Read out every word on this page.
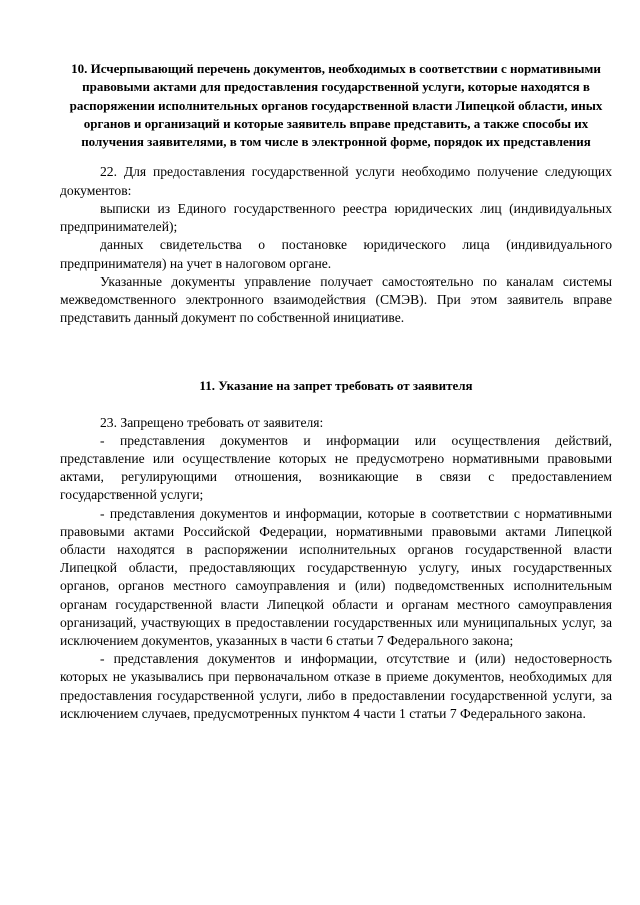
10. Исчерпывающий перечень документов, необходимых в соответствии с нормативными правовыми актами для предоставления государственной услуги, которые находятся в распоряжении исполнительных органов государственной власти Липецкой области, иных органов и организаций и которые заявитель вправе представить, а также способы их получения заявителями, в том числе в электронной форме, порядок их представления

22. Для предоставления государственной услуги необходимо получение следующих документов:

выписки из Единого государственного реестра юридических лиц (индивидуальных предпринимателей);

данных свидетельства о постановке юридического лица (индивидуального предпринимателя) на учет в налоговом органе.

Указанные документы управление получает самостоятельно по каналам системы межведомственного электронного взаимодействия (СМЭВ). При этом заявитель вправе представить данный документ по собственной инициативе.

11. Указание на запрет требовать от заявителя

23. Запрещено требовать от заявителя:

- представления документов и информации или осуществления действий, представление или осуществление которых не предусмотрено нормативными правовыми актами, регулирующими отношения, возникающие в связи с предоставлением государственной услуги;

- представления документов и информации, которые в соответствии с нормативными правовыми актами Российской Федерации, нормативными правовыми актами Липецкой области находятся в распоряжении исполнительных органов государственной власти Липецкой области, предоставляющих государственную услугу, иных государственных органов, органов местного самоуправления и (или) подведомственных исполнительным органам государственной власти Липецкой области и органам местного самоуправления организаций, участвующих в предоставлении государственных или муниципальных услуг, за исключением документов, указанных в части 6 статьи 7 Федерального закона;

- представления документов и информации, отсутствие и (или) недостоверность которых не указывались при первоначальном отказе в приеме документов, необходимых для предоставления государственной услуги, либо в предоставлении государственной услуги, за исключением случаев, предусмотренных пунктом 4 части 1 статьи 7 Федерального закона.
